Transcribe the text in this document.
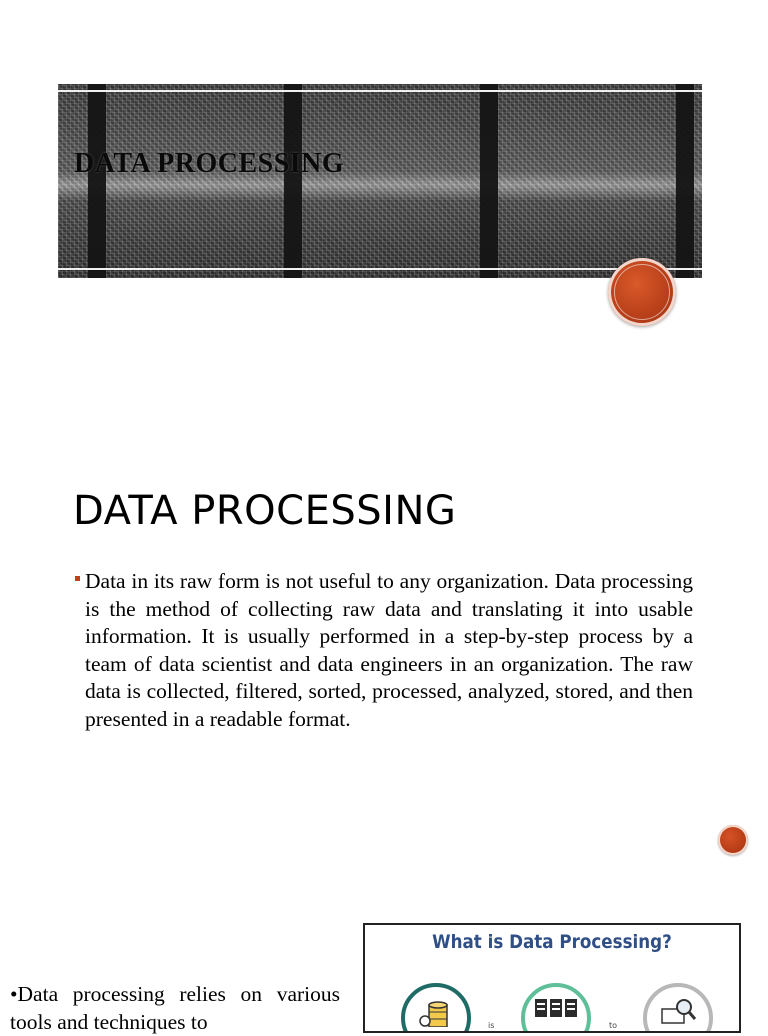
DATA PROCESSING
DATA PROCESSING
Data in its raw form is not useful to any organization. Data processing is the method of collecting raw data and translating it into usable information. It is usually performed in a step-by-step process by a team of data scientist and data engineers in an organization. The raw data is collected, filtered, sorted, processed, analyzed, stored, and then presented in a readable format.
•Data processing relies on various tools and techniques to
What is Data Processing?
is	to
